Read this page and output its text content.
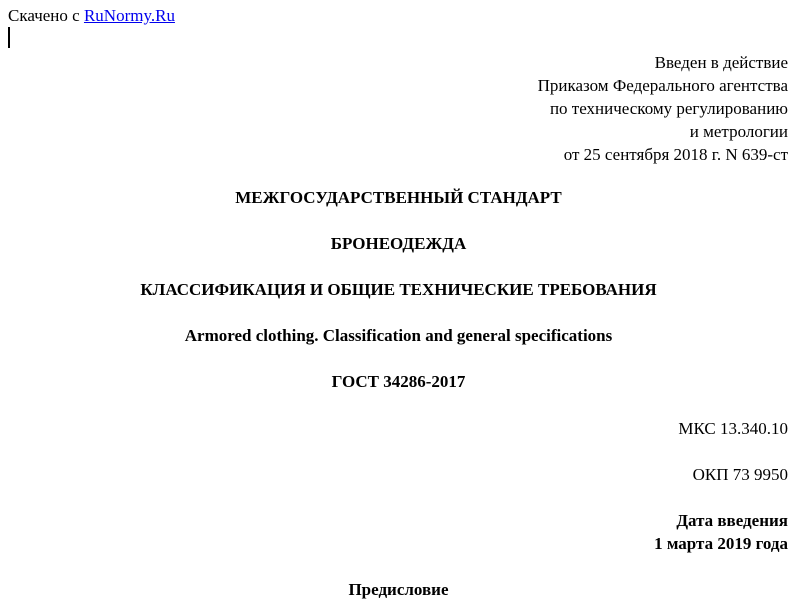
Скачено с RuNormy.Ru
Введен в действие
Приказом Федерального агентства
по техническому регулированию
и метрологии
от 25 сентября 2018 г. N 639-ст
МЕЖГОСУДАРСТВЕННЫЙ СТАНДАРТ
БРОНЕОДЕЖДА
КЛАССИФИКАЦИЯ И ОБЩИЕ ТЕХНИЧЕСКИЕ ТРЕБОВАНИЯ
Armored clothing. Classification and general specifications
ГОСТ 34286-2017
МКС 13.340.10
ОКП 73 9950
Дата введения
1 марта 2019 года
Предисловие
